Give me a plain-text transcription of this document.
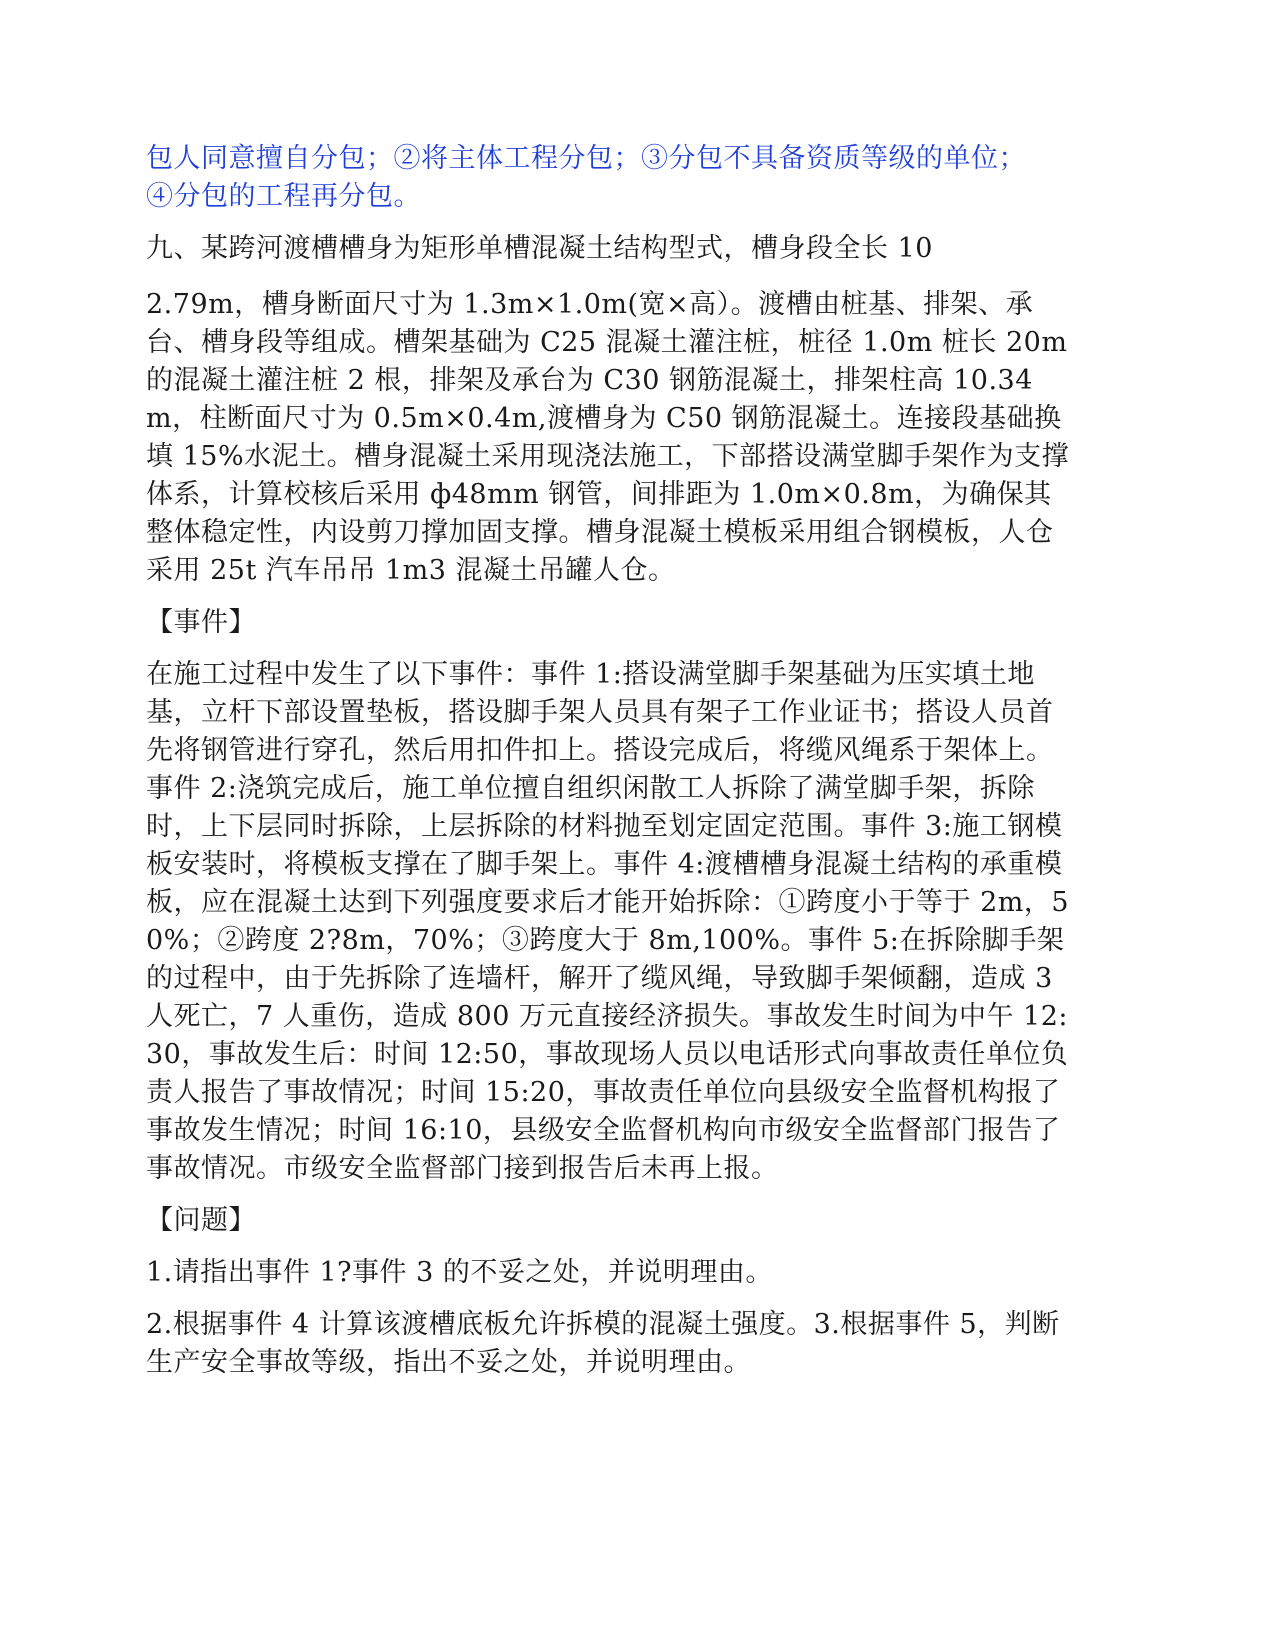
包人同意擅自分包；②将主体工程分包；③分包不具备资质等级的单位；

④分包的工程再分包。

九、某跨河渡槽槽身为矩形单槽混凝土结构型式，槽身段全长 10

2.79m，槽身断面尺寸为 1.3m×1.0m(宽×高）。渡槽由桩基、排架、承台、槽身段等组成。槽架基础为 C25 混凝土灌注桩，桩径 1.0m 桩长 20m 的混凝土灌注桩 2 根，排架及承台为 C30 钢筋混凝土，排架柱高 10.34m，柱断面尺寸为 0.5m×0.4m,渡槽身为 C50 钢筋混凝土。连接段基础换填 15%水泥土。槽身混凝土采用现浇法施工，下部搭设满堂脚手架作为支撑体系，计算校核后采用 ф48mm 钢管，间排距为 1.0m×0.8m，为确保其整体稳定性，内设剪刀撑加固支撑。槽身混凝土模板采用组合钢模板，人仓采用 25t 汽车吊吊 1m3 混凝土吊罐人仓。

【事件】

在施工过程中发生了以下事件：事件 1:搭设满堂脚手架基础为压实填土地基，立杆下部设置垫板，搭设脚手架人员具有架子工作业证书；搭设人员首先将钢管进行穿孔，然后用扣件扣上。搭设完成后，将缆风绳系于架体上。事件 2:浇筑完成后，施工单位擅自组织闲散工人拆除了满堂脚手架，拆除时，上下层同时拆除，上层拆除的材料抛至划定固定范围。事件 3:施工钢模板安装时，将模板支撑在了脚手架上。事件 4:渡槽槽身混凝土结构的承重模板，应在混凝土达到下列强度要求后才能开始拆除：①跨度小于等于 2m，50%；②跨度 2?8m，70%；③跨度大于 8m,100%。事件 5:在拆除脚手架的过程中，由于先拆除了连墙杆，解开了缆风绳，导致脚手架倾翻，造成 3 人死亡，7 人重伤，造成 800 万元直接经济损失。事故发生时间为中午 12:30，事故发生后：时间 12:50，事故现场人员以电话形式向事故责任单位负责人报告了事故情况；时间 15:20，事故责任单位向县级安全监督机构报了事故发生情况；时间 16:10，县级安全监督机构向市级安全监督部门报告了事故情况。市级安全监督部门接到报告后未再上报。

【问题】

1.请指出事件 1?事件 3 的不妥之处，并说明理由。

2.根据事件 4 计算该渡槽底板允许拆模的混凝土强度。3.根据事件 5，判断生产安全事故等级，指出不妥之处，并说明理由。
